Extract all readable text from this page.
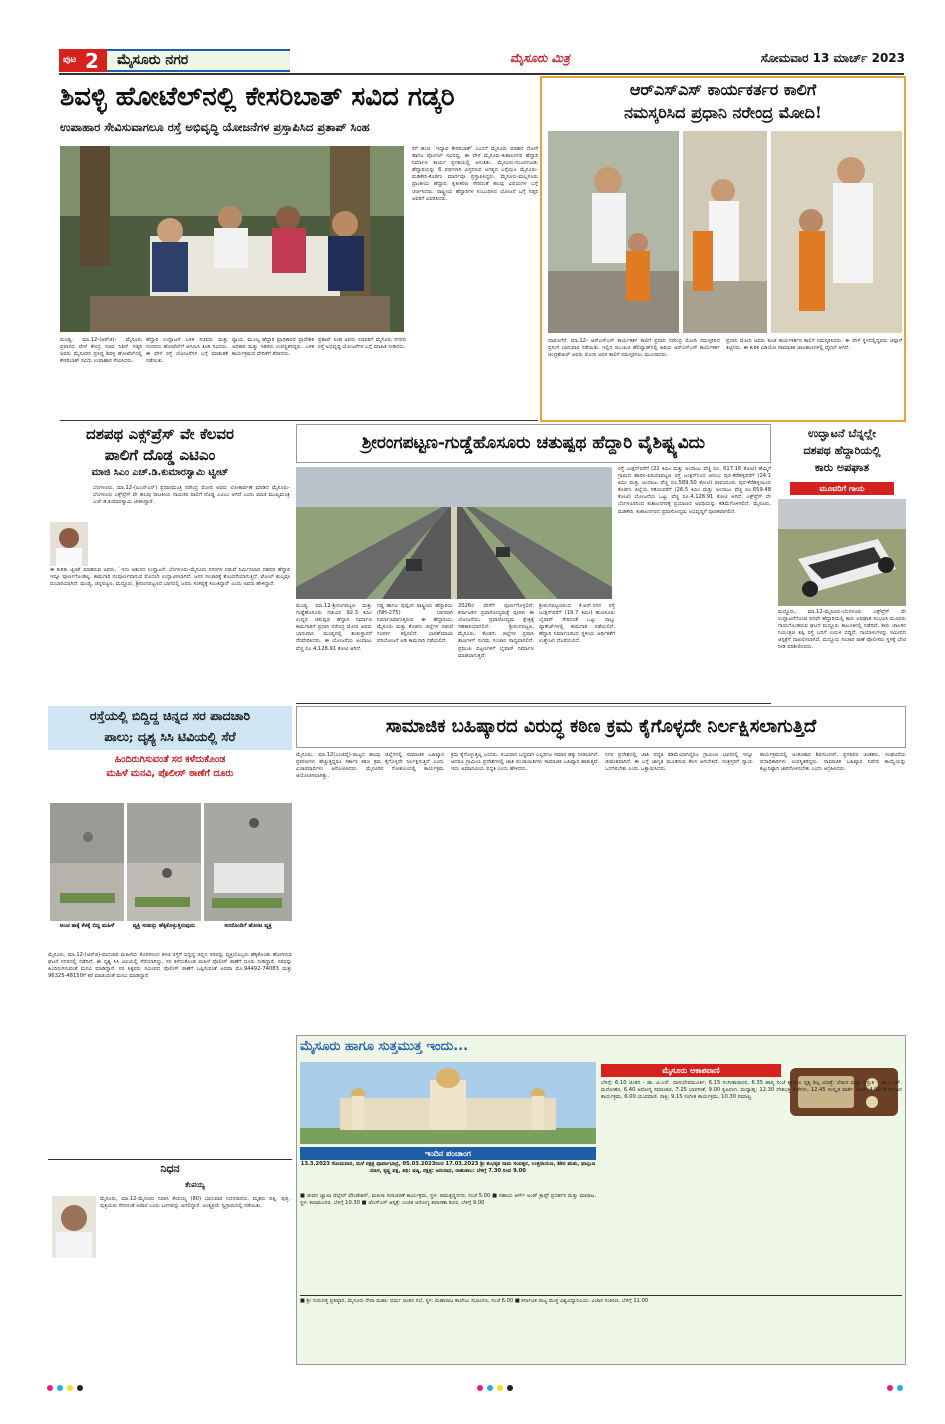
ಪುಟ 2	ಮೈಸೂರು ನಗರ	ಮೈಸೂರು ಮಿತ್ರ	ಸೋಮವಾರ 13 ಮಾರ್ಚ್ 2023
ಶಿವಳ್ಳಿ ಹೋಟೆಲ್‌ನಲ್ಲಿ ಕೇಸರಿಬಾತ್ ಸವಿದ ಗಡ್ಕರಿ
ಉಪಾಹಾರ ಸೇವಿಸುವಾಗಲೂ ರಸ್ತೆ ಅಭಿವೃದ್ಧಿ ಯೋಜನೆಗಳ ಪ್ರಸ್ತಾಪಿಸಿದ ಪ್ರತಾಪ್ ಸಿಂಹ
ರಿಗೆ ಹಂಚಿ `ಇದ್ಯಾವ ಕೇಸರಿಬಾತ್' ಎಂಬಿಗೆ ಮೈಸೂರು ಮಾಡಿದ ದೋಸೆ ಹಾಗೂ ಪೊಂಗಲ್ ಸವಿದಿದ್ದ. ಈ ವೇಳೆ ಮೈಸೂರು-ಕುಶಾಲನಗರ ಹೆದ್ದಾರಿ ನಿರ್ಮಾಣ ಕಾರ್ಯ ಪ್ರಗತಿಯಲ್ಲಿ ಆಗುತಿತು. ಮೈಸೂರು-ನಂಜನಗೂಡು ಹೆದ್ದಾರಿಯನ್ನು 6 ಪಥಗಳಾಗಿ ವಿಸ್ತರಿಸುವ ಅಗತ್ಯದ ಬಗ್ಗೆಯೂ ಮೈಸೂರು-ಮಡಿಕೇರಿ-ಕೊಡಗು ಮಾರ್ಗವೂ ಪ್ರಸ್ತಾಪಿಸಿದ್ದರು. ಮೈಸೂರು-ಮಲ್ಲಸೂರು ಪ್ರಾಂತೀಯ ಹೆದ್ದಾರಿ, ಕೃತೀಕರಣ ಸೇರಿದಂತೆ ಹಲವು ವಿಷಯಗಳ ಬಗ್ಗೆ ಚರ್ಚಿಸಿದರು. ರಾಷ್ಟ್ರೀಯ ಹೆದ್ದಾರಿಗಳ ಸಂಬಂಧಿಸಿದ ಯೋಜನೆ ಬಗ್ಗೆ ಗಡ್ಕರಿ ಅವರಿಗೆ ವಿವರಿಸಿದರು.
ಮಂಡ್ಯ, ಮಾ.12-(ಆರ್‌ಜಿ)- ಮೈಸೂರು ಪ್ರವಾಸದ ವೇಳೆ ಕೇಂದ್ರ ಸಚಿವ ನಿತಿನ್ ಗಡ್ಕರಿ ಅವರು ಮೈಸೂರಿನ ಪ್ರಸಿದ್ಧ ಶಿವಳ್ಳಿ ಹೋಟೆಲ್‌ನಲ್ಲಿ ಕೇಸರಿಬಾತ್ ಸವಿದು ಉಪಾಹಾರ ಸೇವಿಸಿದರು.
ಹೆದ್ದಾರಿ ಉದ್ಘಾಟನೆ ಬಳಿಕ ಸಚಿವರು ಮತ್ತು ಸಂಸದರು ಹೋಟೆಲ್‌ಗೆ ಆಗಮಿಸಿ ತಿಂಡಿ ಸವಿದರು. ಈ ವೇಳೆ ರಸ್ತೆ ಯೋಜನೆಗಳ ಬಗ್ಗೆ ಮಾತುಕತೆ ನಡೆಯಿತು.
ಪ್ಯಾಯ, ಮೂಲ್ಯ ಹೆದ್ದಾರಿ ಪ್ರಾಧಿಕಾರದ ಪ್ರಾದೇಶಿಕ ಅಧಿಕಾರಿ ಮತ್ತು ಇತರರು ಉಪಸ್ಥಿತರಿದ್ದರು. ಬಳಿಕ ಕಾರ್ಯಕ್ರಮದ ವೇದಿಕೆಗೆ ತೆರಳಿದರು.
ಪ್ರತಾಪ್ ಸಿಂಹ ಅವರು ಸಚಿವರಿಗೆ ಮೈಸೂರು ನಗರದ ರಸ್ತೆ ಅಭಿವೃದ್ಧಿ ಯೋಜನೆಗಳ ಬಗ್ಗೆ ಮಾಹಿತಿ ನೀಡಿದರು.
ಆರ್‌ಎಸ್‌ಎಸ್ ಕಾರ್ಯಕರ್ತರ ಕಾಲಿಗೆ
ನಮಸ್ಕರಿಸಿದ ಪ್ರಧಾನಿ ನರೇಂದ್ರ ಮೋದಿ!
ದಾವಣಗೆರೆ, ಮಾ.12- ಆರ್‌ಎಸ್‌ಎಸ್ ಕಾರ್ಯಕರ್ತ ಕಾಲಿಗೆ ಪ್ರಧಾನಿ ನರೇಂದ್ರ ಮೋದಿ ನಮಸ್ಕರಿಸಿದ ಪ್ರಸಂಗ ಭಾನುವಾರ ನಡೆಯಿತು. ಇಲ್ಲಿನ ಜಿಎಂಐಟಿ ಹೆಲಿಪ್ಯಾಡ್‌ನಲ್ಲಿ ಹಿರಿಯ ಆರ್‌ಎಸ್‌ಎಸ್ ಕಾರ್ಯಕರ್ತ ಚಂದ್ರಶೇಖರ್ ಅವರು ಮೋದಿ ಅವರ ಕಾಲಿಗೆ ನಮಸ್ಕರಿಸಲು ಮುಂದಾದರು.
ಪ್ರಧಾನಿ ಮೋದಿ ಅವರು ಕೂಡ ಕಾರ್ಯಕರ್ತರ ಕಾಲಿಗೆ ನಮಸ್ಕರಿಸಿದರು. ಈ ವೇಳೆ ಸ್ಥಳದಲ್ಲಿದ್ದವರು ಚಪ್ಪಾಳೆ ತಟ್ಟಿದರು. ಈ ಕುರಿತ ವಿಡಿಯೋ ಸಾಮಾಜಿಕ ಜಾಲತಾಣಗಳಲ್ಲಿ ವೈರಲ್ ಆಗಿದೆ.
ದಶಪಥ ಎಕ್ಸ್‌ಪ್ರೆಸ್‌ ವೇ ಕೆಲವರ
ಪಾಲಿಗೆ ದೊಡ್ಡ ಎಟಿಎಂ
ಮಾಜಿ ಸಿಎಂ ಎಚ್.ಡಿ.ಕುಮಾರಸ್ವಾಮಿ ಟ್ವೀಟ್
ಬೆಂಗಳೂರು, ಮಾ.12-(ಐಎನ್‌ಎನ್) ಪ್ರಧಾನಮಂತ್ರಿ ನರೇಂದ್ರ ಮೋದಿ ಅವರು ಲೋಕಾರ್ಪಣೆ ಮಾಡಿದ ಮೈಸೂರು-ಬೆಂಗಳೂರು ಎಕ್ಸ್‌ಪ್ರೆಸ್ ವೇ ಹಲವು ರಾಜಕೀಯ ನಾಯಕರ ಪಾಲಿಗೆ ದೊಡ್ಡ ಎಟಿಎಂ ಆಗಿದೆ ಎಂದು ಮಾಜಿ ಮುಖ್ಯಮಂತ್ರಿ ಎಚ್.ಡಿ.ಕುಮಾರಸ್ವಾಮಿ ಟೀಕಿಸಿದ್ದಾರೆ.
ಈ ಕುರಿತು ಟ್ವೀಟ್ ಮಾಡಿರುವ ಅವರು, `ಇದು ಆತುರದ ಉದ್ಘಾಟನೆ. ಬೆಂಗಳೂರು-ಮೈಸೂರು ನಗರಗಳ ನಡುವೆ ನಿರ್ಮಿಸಲಾದ ದಶಪಥ ಹೆದ್ದಾರಿ ಇನ್ನೂ ಪೂರ್ಣಗೊಂಡಿಲ್ಲ. ಕಾಮಗಾರಿ ಸಂಪೂರ್ಣವಾಗುವ ಮೊದಲೇ ಉದ್ಘಾಟಿಸಲಾಗಿದೆ. ಜನರ ಸಂಚಾರಕ್ಕೆ ತೊಂದರೆಯಾಗುತ್ತಿದೆ. ಟೋಲ್ ಶುಲ್ಕವೂ ದುಬಾರಿಯಾಗಿದೆ. ಮಂಡ್ಯ, ಚನ್ನಪಟ್ಟಣ, ಮದ್ದೂರು, ಶ್ರೀರಂಗಪಟ್ಟಣದ ಭಾಗದಲ್ಲಿ ಜನರು ಸಂಕಷ್ಟಕ್ಕೆ ಸಿಲುಕಿದ್ದಾರೆ' ಎಂದು ಅವರು ಹೇಳಿದ್ದಾರೆ.
ರಸ್ತೆಯಲ್ಲಿ ಬಿದ್ದಿದ್ದ ಚಿನ್ನದ ಸರ ಪಾದಚಾರಿ
ಪಾಲು; ದೃಶ್ಯ ಸಿಸಿ ಟಿವಿಯಲ್ಲಿ ಸೆರೆ
ಹಿಂದಿರುಗಿಸುವಂತೆ ಸರ ಕಳೆದುಕೊಂಡ
ಮಹಿಳೆ ಮನವಿ, ಪೊಲೀಸ್ ಠಾಣೆಗೆ ದೂರು
ಅಂಚ ತಾಕ್ಕೆ ಕೆಳಕ್ಕೆ ಬಿದ್ದ ಮಹಿಳೆ	ವ್ಯಕ್ತಿ ಸರವನ್ನು ಹೆಕ್ಕಿಕೊಳ್ಳುತ್ತಿರುವುದು	ಸರದೊಂದಿಗೆ ಹೊರಟ ವ್ಯಕ್ತಿ
ಮೈಸೂರು, ಮಾ.12-(ಆರ್‌ಜಿ)-ಪಾದಚಾರಿ ಮಹಿಳೆಯ ಕೊರಳಿನಿಂದ ಕಳಚಿ ರಸ್ತೆಗೆ ಬಿದ್ದಿದ್ದ ಚಿನ್ನದ ಸರವನ್ನು ವ್ಯಕ್ತಿಯೊಬ್ಬರು ಹೆಕ್ಕಿಕೊಂಡು ಹೋಗಿರುವ ಘಟನೆ ನಗರದಲ್ಲಿ ನಡೆದಿದೆ. ಈ ದೃಶ್ಯ ಸಿಸಿ ಟಿವಿಯಲ್ಲಿ ಸೆರೆಯಾಗಿದ್ದು, ಸರ ಕಳೆದುಕೊಂಡ ಮಹಿಳೆ ಪೊಲೀಸ್ ಠಾಣೆಗೆ ದೂರು ನೀಡಿದ್ದಾರೆ. ಸರವನ್ನು ಹಿಂದಿರುಗಿಸುವಂತೆ ಮನವಿ ಮಾಡಿದ್ದಾರೆ. ಸರ ಸಿಕ್ಕವರು ಸಮೀಪದ ಪೊಲೀಸ್ ಠಾಣೆಗೆ ಒಪ್ಪಿಸುವಂತೆ ಅಥವಾ ಮೊ.94492-74083 ಮತ್ತು 96325-48150ಗೆ ಕರೆ ಮಾಡುವಂತೆ ಮನವಿ ಮಾಡಿದ್ದಾರೆ.
ನಿಧನ
ಕೆಂಪಯ್ಯ
ಮೈಸೂರು, ಮಾ.12-ಮೈಸೂರು ನಿವಾಸಿ ಕೆಂಪಯ್ಯ (80) ಭಾನುವಾರ ನಿಧನರಾದರು. ಮೃತರು ಪತ್ನಿ, ಪುತ್ರ, ಪುತ್ರಿಯರು ಸೇರಿದಂತೆ ಅಪಾರ ಬಂಧು ಬಳಗವನ್ನು ಅಗಲಿದ್ದಾರೆ. ಅಂತ್ಯಕ್ರಿಯೆ ಸ್ವಗ್ರಾಮದಲ್ಲಿ ನಡೆಯಿತು.
ಶ್ರೀರಂಗಪಟ್ಟಣ-ಗುಡ್ಡೆಹೊಸೂರು ಚತುಷ್ಪಥ ಹೆದ್ದಾರಿ ವೈಶಿಷ್ಟ್ಯವಿದು
ರಸ್ತೆ ಜಂಕ್ಷನ್‌ವರೆಗೆ (22 ಕಿಮೀ ಮತ್ತು ಅಂದಾಜು ವೆಚ್ಚ ರೂ. 617.16 ಕೋಟಿ) ಹೆಮ್ಮಿಗೆ ಗ್ರಾಮದ ಹಾಸನ-ಪಿರಿಯಾಪಟ್ಟಣ ರಸ್ತೆ ಜಂಕ್ಷನ್‌ನಿಂದ ಆರಂಭ ಪುರ-ಕೆರೆಹಳ್ಳಿವರೆಗೆ (24.1 ಕಿಮೀ ಮತ್ತು ಅಂದಾಜು ವೆಚ್ಚ ರೂ.589.50 ಕೋಟಿ) ರಾವಂದೂರು ಪುರ-ಕೆರೆಹಳ್ಳಿಯಿಂದ ಕೊಡಗು ಜಿಲ್ಲೆಯ ಗಡಿಯವರೆಗೆ (26.5 ಕಿಮೀ ಮತ್ತು ಅಂದಾಜು ವೆಚ್ಚ ರೂ.659.48 ಕೋಟಿ) ಯೋಜನೆಯ ಒಟ್ಟು ವೆಚ್ಚ ರೂ.4,128.91 ಕೋಟಿ ಆಗಿದೆ. ಎಕ್ಸ್‌ಪ್ರೆಸ್ ವೇ ಬೆಂಗಳೂರಿನಿಂದ ಕುಶಾಲನಗರಕ್ಕೆ ಪ್ರಯಾಣದ ಅವಧಿಯನ್ನು ಕಡಿಮೆಗೊಳಿಸಲಿದೆ. ಮೈಸೂರು, ಮಡಿಕೇರಿ, ಕುಶಾಲನಗರದ ಪ್ರವಾಸೋದ್ಯಮ ಅಭಿವೃದ್ಧಿಗೆ ಪೂರಕವಾಗಲಿದೆ.
ಮಂಡ್ಯ, ಮಾ.12-ಶ್ರೀರಂಗಪಟ್ಟಣ ಮತ್ತು ಗುಡ್ಡೆಹೊಸೂರು ನಡುವಿನ 92.3 ಕಿಮೀ ಉದ್ದದ ಚತುಷ್ಪಥ ಹೆದ್ದಾರಿ ನಿರ್ಮಾಣ ಕಾಮಗಾರಿಗೆ ಪ್ರಧಾನಿ ನರೇಂದ್ರ ಮೋದಿ ಅವರು ಭಾನುವಾರ ಮಂಡ್ಯದಲ್ಲಿ ಶಂಕುಸ್ಥಾಪನೆ ನೆರವೇರಿಸಿದರು. ಈ ಯೋಜನೆಯ ಅಂದಾಜು ವೆಚ್ಚ ರೂ.4,128.91 ಕೋಟಿ ಆಗಿದೆ.
ಗಡ್ಡ ಹಾಗೂ ಪುಷ್ಪಂನ ರಾಷ್ಟ್ರೀಯ ಹೆದ್ದಾರಿಯ (NH-275) ಭಾಗವಾಗಿ ನಿರ್ಮಾಣವಾಗುತ್ತಿರುವ ಈ ಹೆದ್ದಾರಿಯು ಮೈಸೂರು ಮತ್ತು ಕೊಡಗು ಜಿಲ್ಲೆಗಳ ನಡುವೆ ಸಂಪರ್ಕ ಕಲ್ಪಿಸಲಿದೆ. ಭಾರತ್‌ಮಾಲಾ ಪರಿಯೋಜನೆ ಅಡಿ ಕಾಮಗಾರಿ ನಡೆಯಲಿದೆ.
2026ರ ವೇಳೆಗೆ ಪೂರ್ಣಗೊಳ್ಳಲಿದೆ. ಕರ್ನಾಟಕದ ಪ್ರವಾಸೋದ್ಯಮಕ್ಕೆ ಪೂರಕ: ಈ ಯೋಜನೆಯು ಪ್ರವಾಸೋದ್ಯಮ ಕ್ಷೇತ್ರಕ್ಕೆ ಸಹಕಾರಿಯಾಗಲಿದೆ. ಶ್ರೀರಂಗಪಟ್ಟಣ, ಮೈಸೂರು, ಕೊಡಗು ಜಿಲ್ಲೆಗಳ ಪ್ರವಾಸಿ ತಾಣಗಳಿಗೆ ಸುಗಮ ಸಂಚಾರ ಸಾಧ್ಯವಾಗಲಿದೆ. ಪ್ರಮುಖ ಪಟ್ಟಣಗಳಿಗೆ ಬೈಪಾಸ್ ನಿರ್ಮಾಣ ಮಾಡಲಾಗುತ್ತದೆ.
ಶ್ರೀರಂಗಪಟ್ಟಣದಿಂದ ಕೆ.ಆರ್.ನಗರ ರಸ್ತೆ ಜಂಕ್ಷನ್‌ವರೆಗೆ (19.7 ಕಿಮೀ) ಹುಣಸೂರು ಬೈಪಾಸ್ ಸೇರಿದಂತೆ ಒಟ್ಟು ನಾಲ್ಕು ಪ್ಯಾಕೇಜ್‌ಗಳಲ್ಲಿ ಕಾಮಗಾರಿ ನಡೆಯಲಿದೆ. ಹೆದ್ದಾರಿ ನಿರ್ಮಾಣದಿಂದ ಸ್ಥಳೀಯ ಆರ್ಥಿಕತೆಗೆ ಉತ್ತೇಜನ ದೊರೆಯಲಿದೆ.
ಉದ್ಘಾಟನೆ ಬೆನ್ನಲ್ಲೇ
ದಶಪಥ ಹೆದ್ದಾರಿಯಲ್ಲಿ
ಕಾರು ಅಪಘಾತ
ಮೂವರಿಗೆ ಗಾಯ
ಮದ್ದೂರು, ಮಾ.12-ಮೈಸೂರು-ಬೆಂಗಳೂರು ಎಕ್ಸ್‌ಪ್ರೆಸ್ ವೇ ಉದ್ಘಾಟನೆಗೊಂಡ ದಿನವೇ ಹೆದ್ದಾರಿಯಲ್ಲಿ ಕಾರು ಅಪಘಾತ ಸಂಭವಿಸಿ ಮೂವರು ಗಾಯಗೊಂಡಿರುವ ಘಟನೆ ಮದ್ದೂರು ತಾಲೂಕಿನಲ್ಲಿ ನಡೆದಿದೆ. ಕಾರು ಚಾಲಕನ ನಿಯಂತ್ರಣ ತಪ್ಪಿ ರಸ್ತೆ ಬದಿಗೆ ಉರುಳಿ ಬಿದ್ದಿದೆ. ಗಾಯಾಳುಗಳನ್ನು ಸಮೀಪದ ಆಸ್ಪತ್ರೆಗೆ ದಾಖಲಿಸಲಾಗಿದೆ. ಮದ್ದೂರು ಸಂಚಾರ ಠಾಣೆ ಪೊಲೀಸರು ಸ್ಥಳಕ್ಕೆ ಭೇಟಿ ನೀಡಿ ಪರಿಶೀಲಿಸಿದರು.
ಸಾಮಾಜಿಕ ಬಹಿಷ್ಕಾರದ ವಿರುದ್ಧ ಕಠಿಣ ಕ್ರಮ ಕೈಗೊಳ್ಳದೇ ನಿರ್ಲಕ್ಷಿಸಲಾಗುತ್ತಿದೆ
ಮೈಸೂರು, ಮಾ.12(ಎಂಟಿವೈ)-ರಾಜ್ಯದ ಹಲವು ಜಿಲ್ಲೆಗಳಲ್ಲಿ ಸಾಮಾಜಿಕ ಬಹಿಷ್ಕಾರ ಪ್ರಕರಣಗಳು ಹೆಚ್ಚುತ್ತಿದ್ದರೂ ಸರ್ಕಾರ ಕಠಿಣ ಕ್ರಮ ಕೈಗೊಳ್ಳದೇ ನಿರ್ಲಕ್ಷಿಸುತ್ತಿದೆ ಎಂದು ವಿಚಾರವಾದಿಗಳು ಆರೋಪಿಸಿದರು. ಮೈಸೂರಿನ ಗೋಕುಲಂನಲ್ಲಿ ಕಾರ್ಯಕ್ರಮ ಆಯೋಜಿಸಲಾಗಿತ್ತು.
ಕ್ರಮ ಕೈಗೊಳ್ಳುತ್ತಿಲ್ಲ ಎಂದರು. ಸಂವಿಧಾನ ಬದ್ಧವಾಗಿ ಎಲ್ಲರಿಗೂ ಸಮಾನ ಹಕ್ಕು ನೀಡಲಾಗಿದೆ. ಆದರೂ ಗ್ರಾಮೀಣ ಪ್ರದೇಶಗಳಲ್ಲಿ ಜಾತಿ ಪಂಚಾಯಿತಿಗಳು ಸಾಮಾಜಿಕ ಬಹಿಷ್ಕಾರ ಹಾಕುತ್ತಿವೆ. ಇದು ಅಮಾನವೀಯ ಪದ್ಧತಿ ಎಂದು ಹೇಳಿದರು.
ನಗರ ಪ್ರದೇಶದಲ್ಲಿ ಜಾತಿ ಪದ್ಧತಿ ಕಡಿಮೆಯಾಗಿದ್ದರೂ ಗ್ರಾಮೀಣ ಭಾಗದಲ್ಲಿ ಇನ್ನೂ ಜೀವಂತವಾಗಿದೆ. ಈ ಬಗ್ಗೆ ಜಾಗೃತಿ ಮೂಡಿಸುವ ಕೆಲಸ ಆಗಬೇಕಿದೆ. ಸಂತ್ರಸ್ತರಿಗೆ ನ್ಯಾಯ ಒದಗಿಸಬೇಕು ಎಂದು ಒತ್ತಾಯಿಸಿದರು.
ಕಾರ್ಯಕ್ರಮದಲ್ಲಿ ಅಂಕಣಕಾರ ಶಿವಸುಂದರ್, ಪ್ರಗತಿಪರ ಚಿಂತಕರು, ಸಂಘಟನೆಯ ಪದಾಧಿಕಾರಿಗಳು ಉಪಸ್ಥಿತರಿದ್ದರು. ಸಾಮಾಜಿಕ ಬಹಿಷ್ಕಾರ ನಿಷೇಧ ಕಾಯ್ದೆಯನ್ನು ಕಟ್ಟುನಿಟ್ಟಾಗಿ ಜಾರಿಗೊಳಿಸಬೇಕು ಎಂದು ಆಗ್ರಹಿಸಿದರು.
ಮೈಸೂರು ಹಾಗೂ ಸುತ್ತಮುತ್ತ ಇಂದು...
ಇಂದಿನ ಪಂಚಾಂಗ
13.3.2023 ಸೋಮವಾರ, ಮಳೆ ನಕ್ಷತ್ರ ಪೂರ್ವಾಭಾದ್ರ, 05.03.2023ರಿಂದ 17.03.2023 ಶ್ರೀ ಶುಭಕೃತ ನಾಮ ಸಂವತ್ಸರ, ಉತ್ತರಾಯಣ, ಶಿಶಿರ ಋತು, ಫಾಲ್ಗುಣ ಮಾಸ, ಕೃಷ್ಣ ಪಕ್ಷ, ತಿಥಿ: ಷಷ್ಠಿ, ನಕ್ಷತ್ರ: ಅನುರಾಧ, ರಾಹುಕಾಲ: ಬೆಳಿಗ್ಗೆ 7.30 ರಿಂದ 9.00
■ ಜೀವನ ಜ್ವಾಲಾ ವೆಲ್ಫೇರ್ ಫೌಂಡೇಶನ್, ಮಹಿಳಾ ದಿನಾಚರಣೆ ಕಾರ್ಯಕ್ರಮ, ಸ್ಥಳ: ರಾಮಕೃಷ್ಣನಗರ, ಸಂಜೆ 5.00 ■ ಸಹಾಯ ಆರ್ಗ್ ಅಂಡ್ ಕ್ರಾಫ್ಟ್ ಪ್ರದರ್ಶನ ಮತ್ತು ಮಾರಾಟ, ಸ್ಥಳ: ಕಲಾಮಂದಿರ, ಬೆಳಿಗ್ಗೆ 10.30 ■ ಜೆಎಸ್‌ಎಸ್ ಆಸ್ಪತ್ರೆ: ಉಚಿತ ಆರೋಗ್ಯ ತಪಾಸಣಾ ಶಿಬಿರ, ಬೆಳಿಗ್ಗೆ 9.00
ಮೈಸೂರು ಆಕಾಶವಾಣಿ
ಬೆಳಿಗ್ಗೆ: 6.10 ಚಿಂತನ - ಡಾ. ಟಿ.ಎನ್. ವಾಸುದೇವಮೂರ್ತಿ, 6.15 ಸಂಗೀತಾರಾಧನ, 6.35 ಹಾಸ್ಯ ಸಂಜೆ ಶ್ಯಾಮಲ ನೃತ್ಯ ಶಿಲ್ಪ ಯಾತ್ರೆ: ಲೇಖನ ಮತ್ತು ಪ್ರಸ್ತುತಿ - ಡಾ.ಎ.ಎಸ್. ಮನೋಹರ, 6.40 ಆರೋಗ್ಯ ಸಮಾಚಾರ, 7.25 ಭಾವಗೀತೆ, 9.00 ಕೃಷಿರಂಗ. ಮಧ್ಯಾಹ್ನ: 12.30 ದೇಶಭಕ್ತಿ ಗೀತೆಗಳು, 12.45 ಸಂಸ್ಕೃತ ವಾರ್ತೆ. ಸಂಜೆ: 4.00 ಮನರಂಜನ ಕಾರ್ಯಕ್ರಮ, 6.00 ಯುವವಾಣಿ. ರಾತ್ರಿ: 9.15 ಸಂಗೀತ ಕಾರ್ಯಕ್ರಮ, 10.30 ಸಮಾಪ್ತಿ.
■ ಶ್ರೀ ಗುರುದತ್ತ ಪ್ರತಿಷ್ಠಾನ, ಮೈಸೂರು ನೇರಾ ಮಹಾ: ಧರ್ಮ ಚಿಂತನ ಸಭೆ, ಸ್ಥಳ: ಮಹಾರಾಜ ಕಾಲೇಜು ಸಭಾಂಗಣ, ಸಂಜೆ 6.00 ■ ಕರ್ನಾಟಕ ರಾಜ್ಯ ಮುಕ್ತ ವಿಶ್ವವಿದ್ಯಾನಿಲಯ: ವಿಚಾರ ಸಂಕಿರಣ, ಬೆಳಿಗ್ಗೆ 11.00
